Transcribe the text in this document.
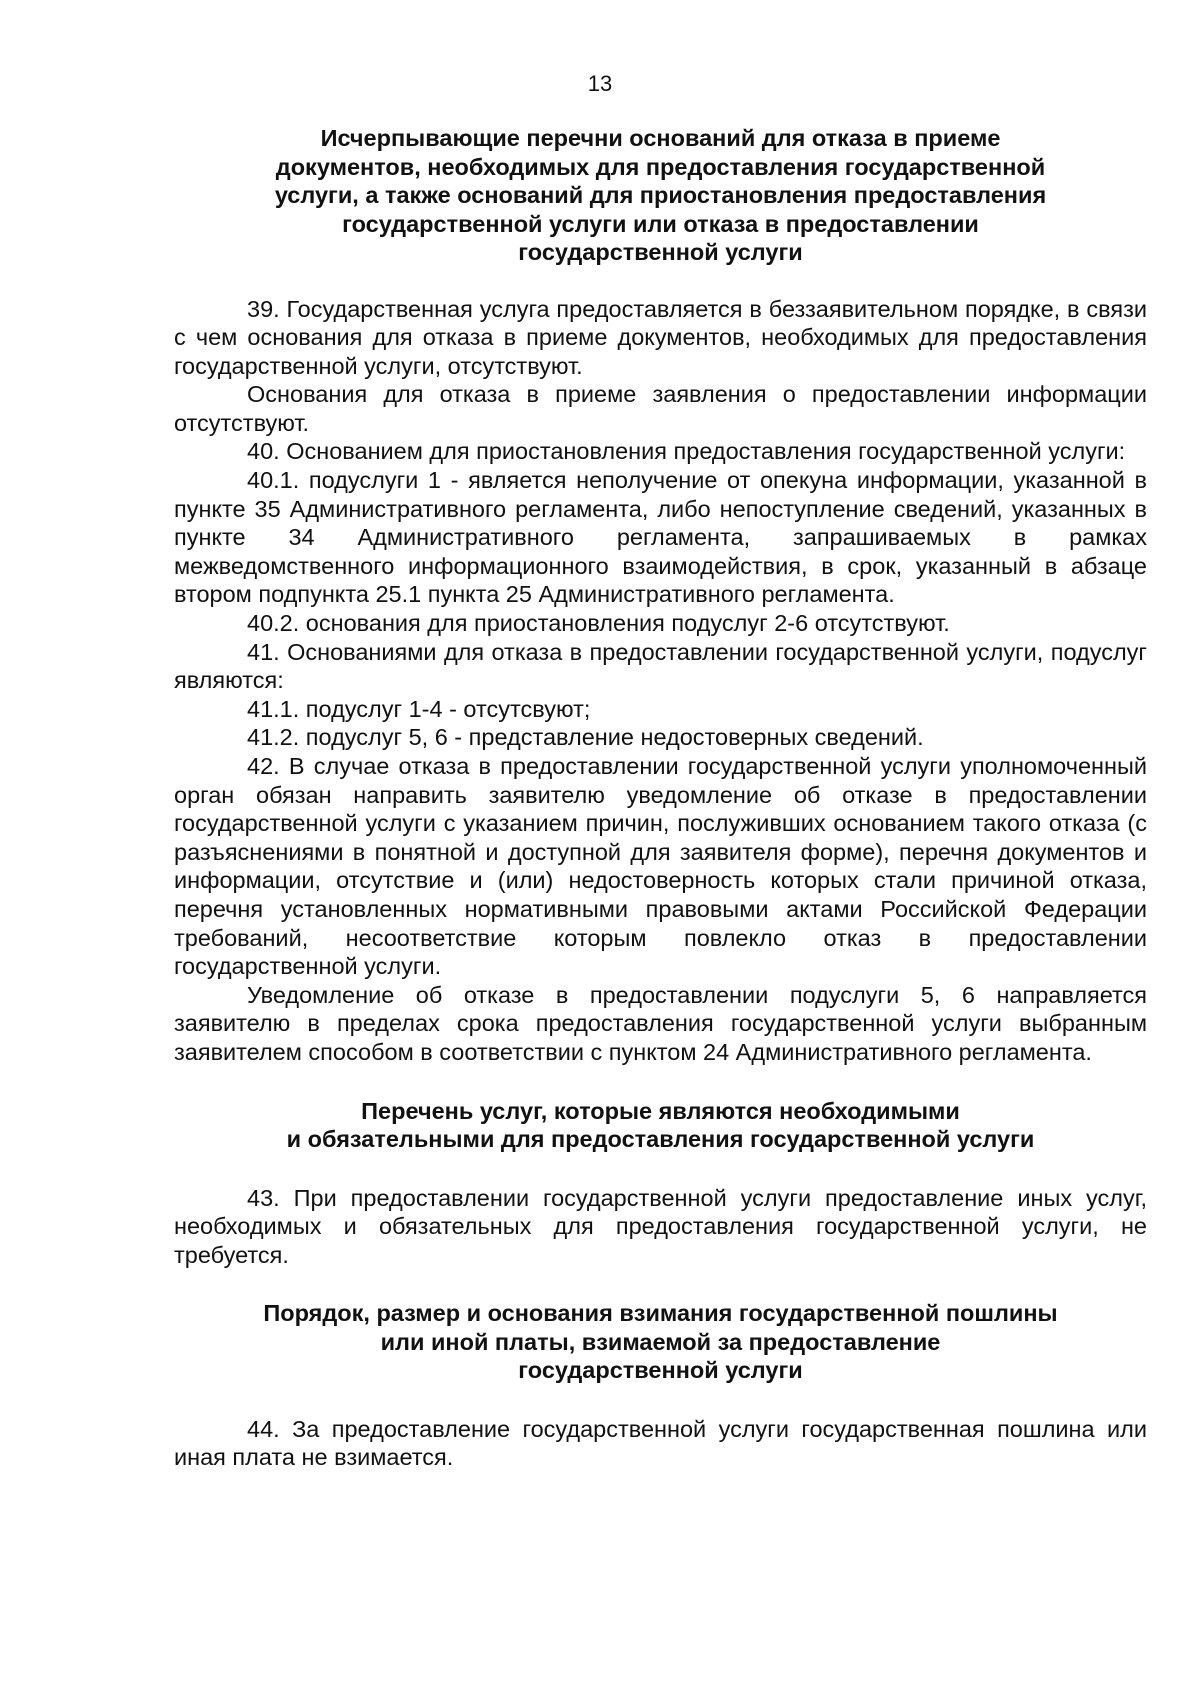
13
Исчерпывающие перечни оснований для отказа в приеме
документов, необходимых для предоставления государственной
услуги, а также оснований для приостановления предоставления
государственной услуги или отказа в предоставлении
государственной услуги

39. Государственная услуга предоставляется в беззаявительном порядке, в связи с чем основания для отказа в приеме документов, необходимых для предоставления государственной услуги, отсутствуют.

Основания для отказа в приеме заявления о предоставлении информации отсутствуют.

40. Основанием для приостановления предоставления государственной услуги:

40.1. подуслуги 1 - является неполучение от опекуна информации, указанной в пункте 35 Административного регламента, либо непоступление сведений, указанных в пункте 34 Административного регламента, запрашиваемых в рамках межведомственного информационного взаимодействия, в срок, указанный в абзаце втором подпункта 25.1 пункта 25 Административного регламента.

40.2. основания для приостановления подуслуг 2-6 отсутствуют.

41. Основаниями для отказа в предоставлении государственной услуги, подуслуг являются:

41.1. подуслуг 1-4 - отсутсвуют;

41.2. подуслуг 5, 6 - представление недостоверных сведений.

42. В случае отказа в предоставлении государственной услуги уполномоченный орган обязан направить заявителю уведомление об отказе в предоставлении государственной услуги с указанием причин, послуживших основанием такого отказа (с разъяснениями в понятной и доступной для заявителя форме), перечня документов и информации, отсутствие и (или) недостоверность которых стали причиной отказа, перечня установленных нормативными правовыми актами Российской Федерации требований, несоответствие которым повлекло отказ в предоставлении государственной услуги.

Уведомление об отказе в предоставлении подуслуги 5, 6 направляется заявителю в пределах срока предоставления государственной услуги выбранным заявителем способом в соответствии с пунктом 24 Административного регламента.

Перечень услуг, которые являются необходимыми
и обязательными для предоставления государственной услуги

43. При предоставлении государственной услуги предоставление иных услуг, необходимых и обязательных для предоставления государственной услуги, не требуется.

Порядок, размер и основания взимания государственной пошлины
или иной платы, взимаемой за предоставление
государственной услуги

44. За предоставление государственной услуги государственная пошлина или иная плата не взимается.
